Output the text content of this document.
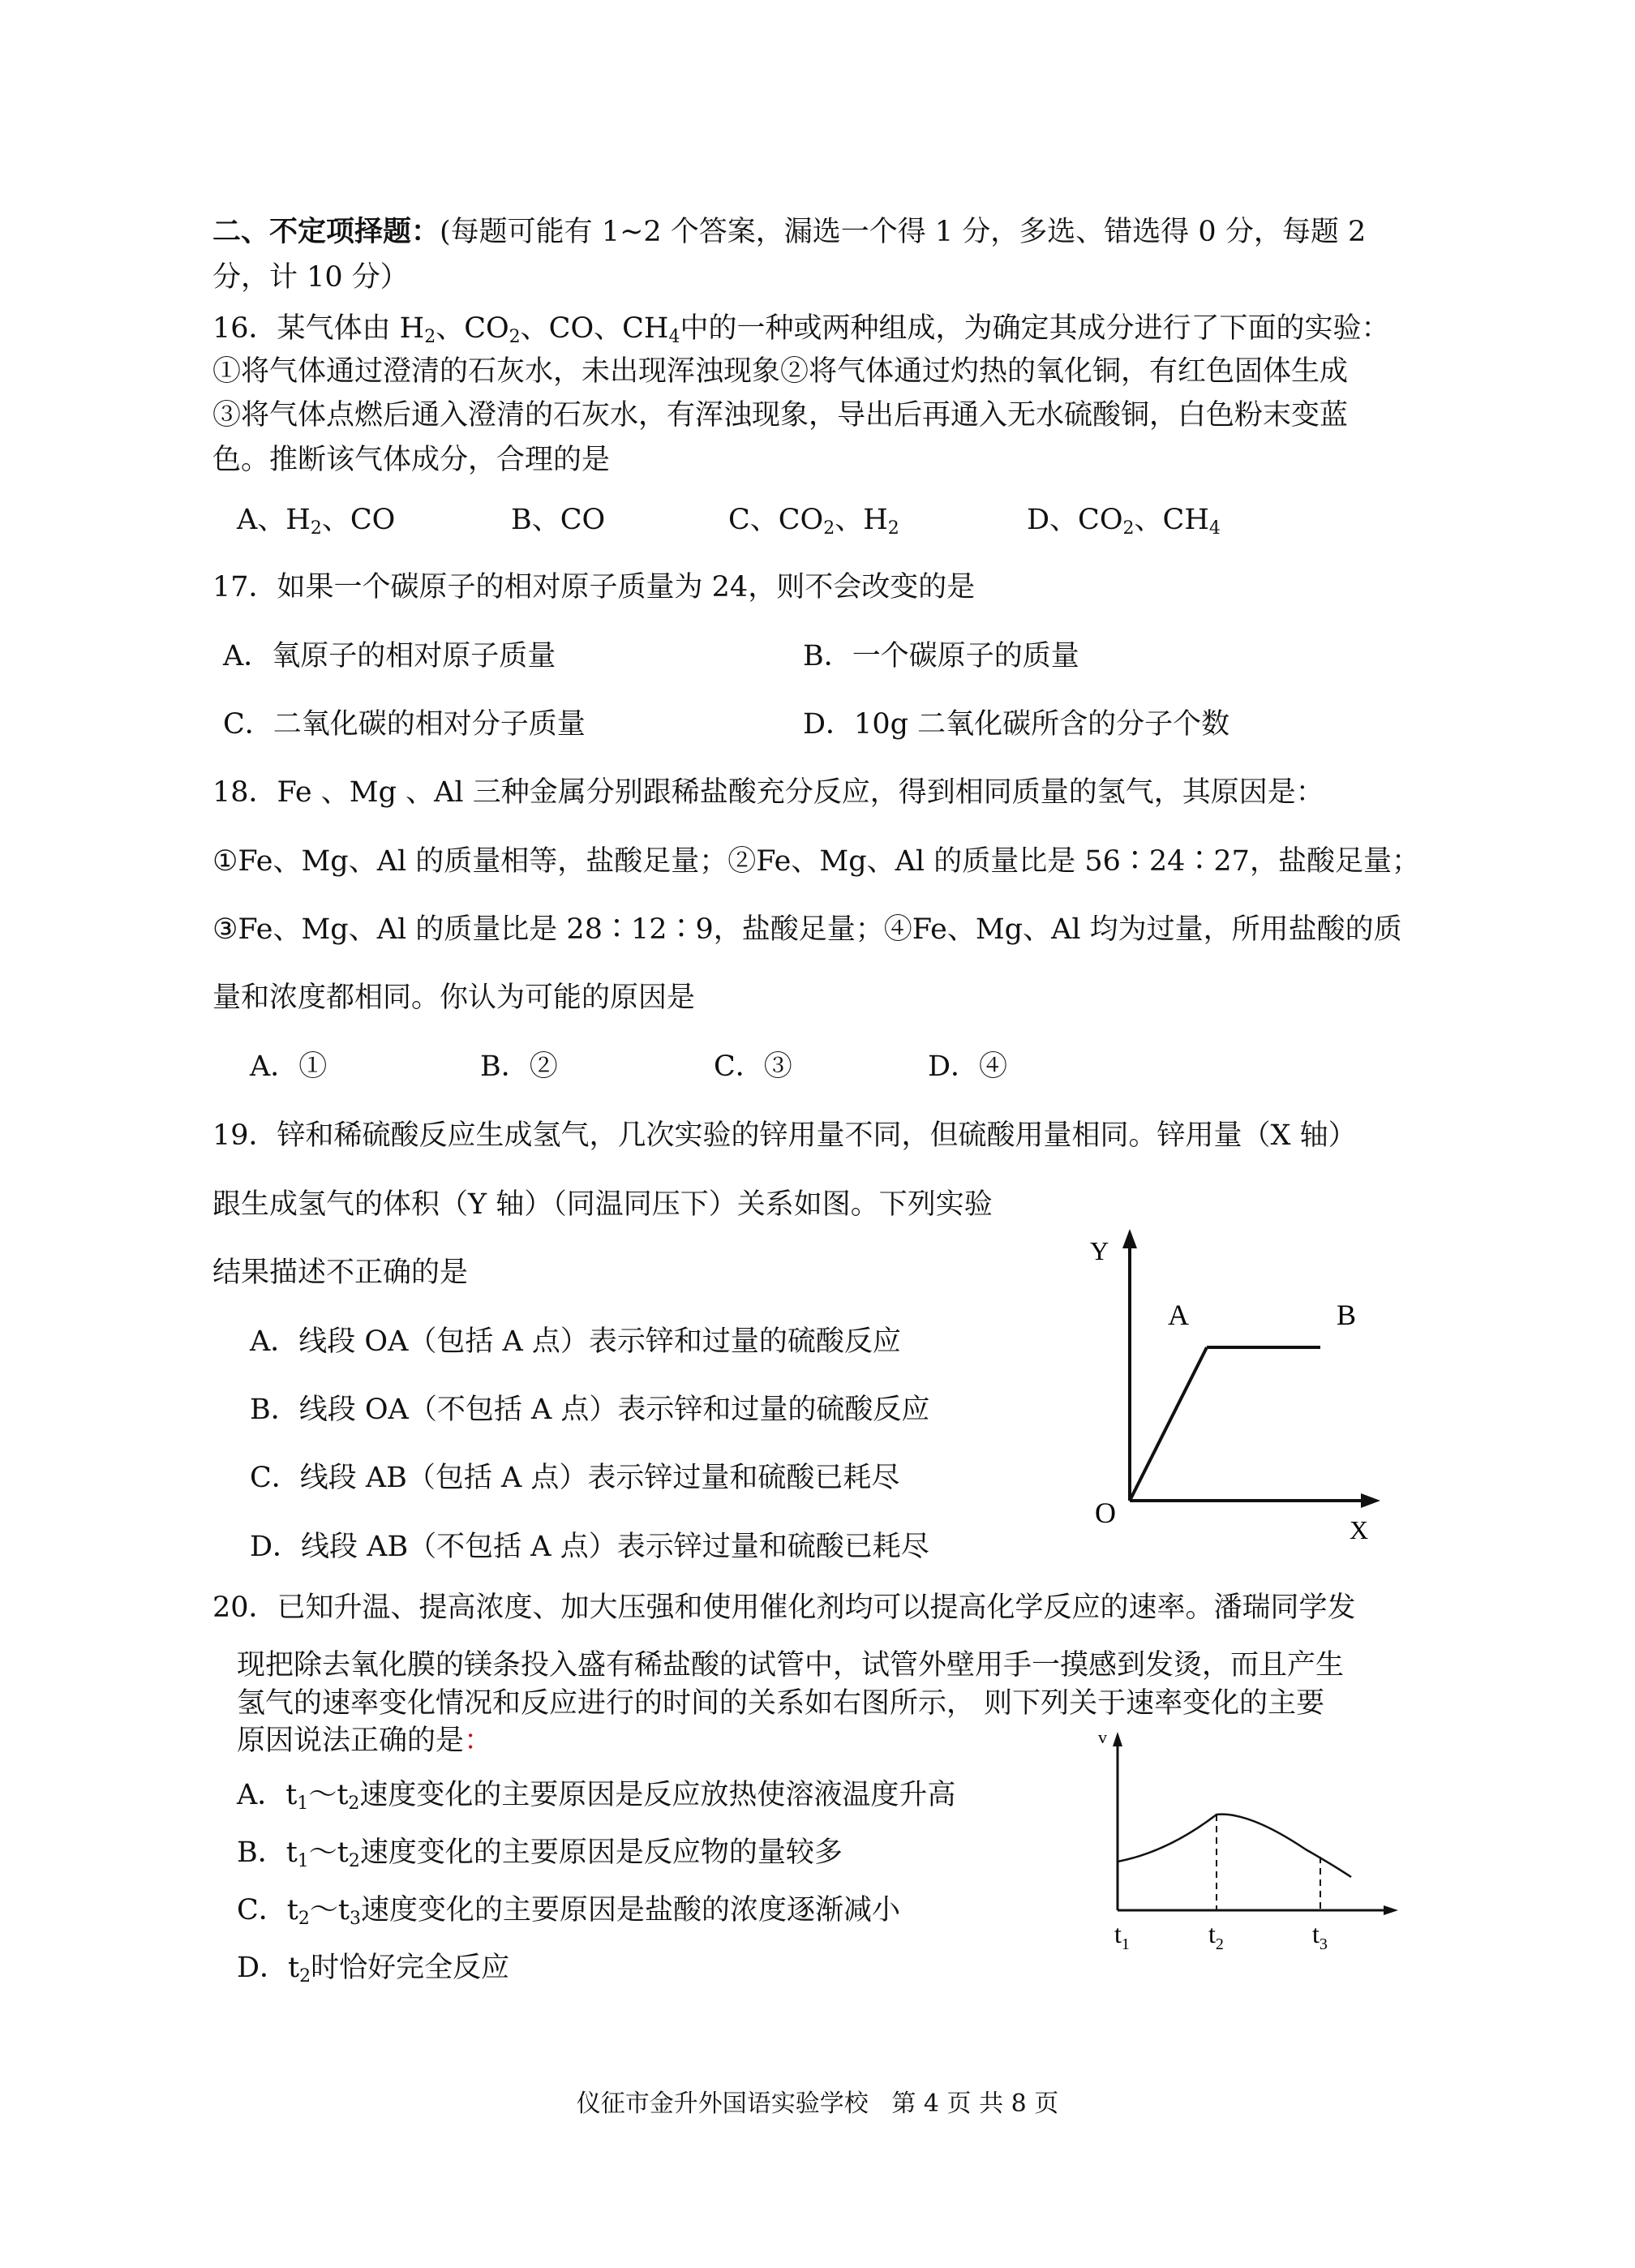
二、不定项择题：(每题可能有 1~2 个答案，漏选一个得 1 分，多选、错选得 0 分，每题 2
分，计 10 分）
16．某气体由 $H_2$、$CO_2$、CO、$CH_4$中的一种或两种组成，为确定其成分进行了下面的实验：
①将气体通过澄清的石灰水，未出现浑浊现象②将气体通过灼热的氧化铜，有红色固体生成
③将气体点燃后通入澄清的石灰水，有浑浊现象，导出后再通入无水硫酸铜，白色粉末变蓝
色。推断该气体成分，合理的是
A、$H_2$、CO	B、CO	C、$CO_2$、$H_2$	D、$CO_2$、$CH_4$
17．如果一个碳原子的相对原子质量为 24，则不会改变的是
A．氧原子的相对原子质量	B．一个碳原子的质量
C．二氧化碳的相对分子质量	D．10g 二氧化碳所含的分子个数
18．Fe 、Mg 、Al 三种金属分别跟稀盐酸充分反应，得到相同质量的氢气，其原因是：
①Fe、Mg、Al 的质量相等，盐酸足量；②Fe、Mg、Al 的质量比是 56∶24∶27，盐酸足量；
③Fe、Mg、Al 的质量比是 28∶12∶9，盐酸足量；④Fe、Mg、Al 均为过量，所用盐酸的质
量和浓度都相同。你认为可能的原因是
A．①	B．②	C．③	D．④
19．锌和稀硫酸反应生成氢气，几次实验的锌用量不同，但硫酸用量相同。锌用量（X 轴）
跟生成氢气的体积（Y 轴）（同温同压下）关系如图。下列实验
结果描述不正确的是
A．线段 OA（包括 A 点）表示锌和过量的硫酸反应
B．线段 OA（不包括 A 点）表示锌和过量的硫酸反应
C．线段 AB（包括 A 点）表示锌过量和硫酸已耗尽
D．线段 AB（不包括 A 点）表示锌过量和硫酸已耗尽
Y
A	B
O
X
20．已知升温、提高浓度、加大压强和使用催化剂均可以提高化学反应的速率。潘瑞同学发
现把除去氧化膜的镁条投入盛有稀盐酸的试管中，试管外壁用手一摸感到发烫，而且产生
氢气的速率变化情况和反应进行的时间的关系如右图所示， 则下列关于速率变化的主要
原因说法正确的是：
A．$t_1\sim t_2$速度变化的主要原因是反应放热使溶液温度升高
B．$t_1\sim t_2$速度变化的主要原因是反应物的量较多
C．$t_2\sim t_3$速度变化的主要原因是盐酸的浓度逐渐减小
D．$t_2$时恰好完全反应
v
$t_1$	$t_2$	$t_3$
仪征市金升外国语实验学校 第 4 页 共 8 页
